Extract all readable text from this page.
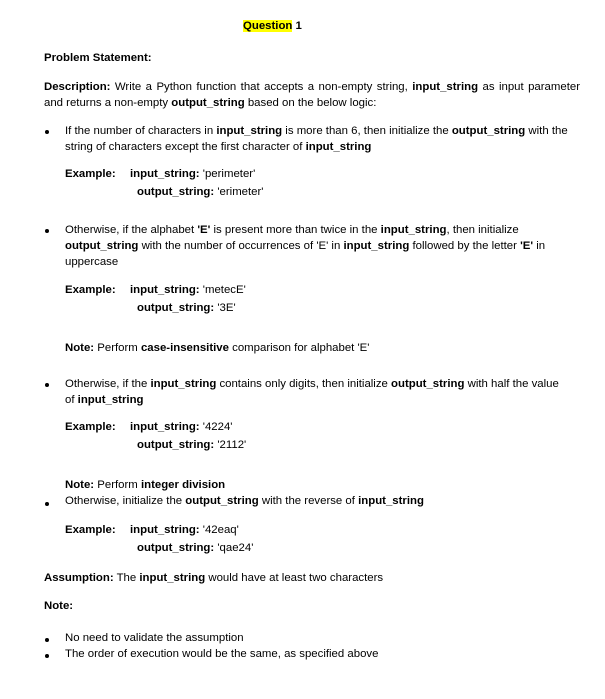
Question 1
Problem Statement:
Description: Write a Python function that accepts a non-empty string, input_string as input parameter and returns a non-empty output_string based on the below logic:
If the number of characters in input_string is more than 6, then initialize the output_string with the string of characters except the first character of input_string
Example: input_string: 'perimeter'
output_string: 'erimeter'
Otherwise, if the alphabet 'E' is present more than twice in the input_string, then initialize output_string with the number of occurrences of 'E' in input_string followed by the letter 'E' in uppercase
Example: input_string: 'metecE'
output_string: '3E'
Note: Perform case-insensitive comparison for alphabet 'E'
Otherwise, if the input_string contains only digits, then initialize output_string with half the value of input_string
Example: input_string: '4224'
output_string: '2112'
Note: Perform integer division
Otherwise, initialize the output_string with the reverse of input_string
Example: input_string: '42eaq'
output_string: 'qae24'
Assumption: The input_string would have at least two characters
Note:
No need to validate the assumption
The order of execution would be the same, as specified above
